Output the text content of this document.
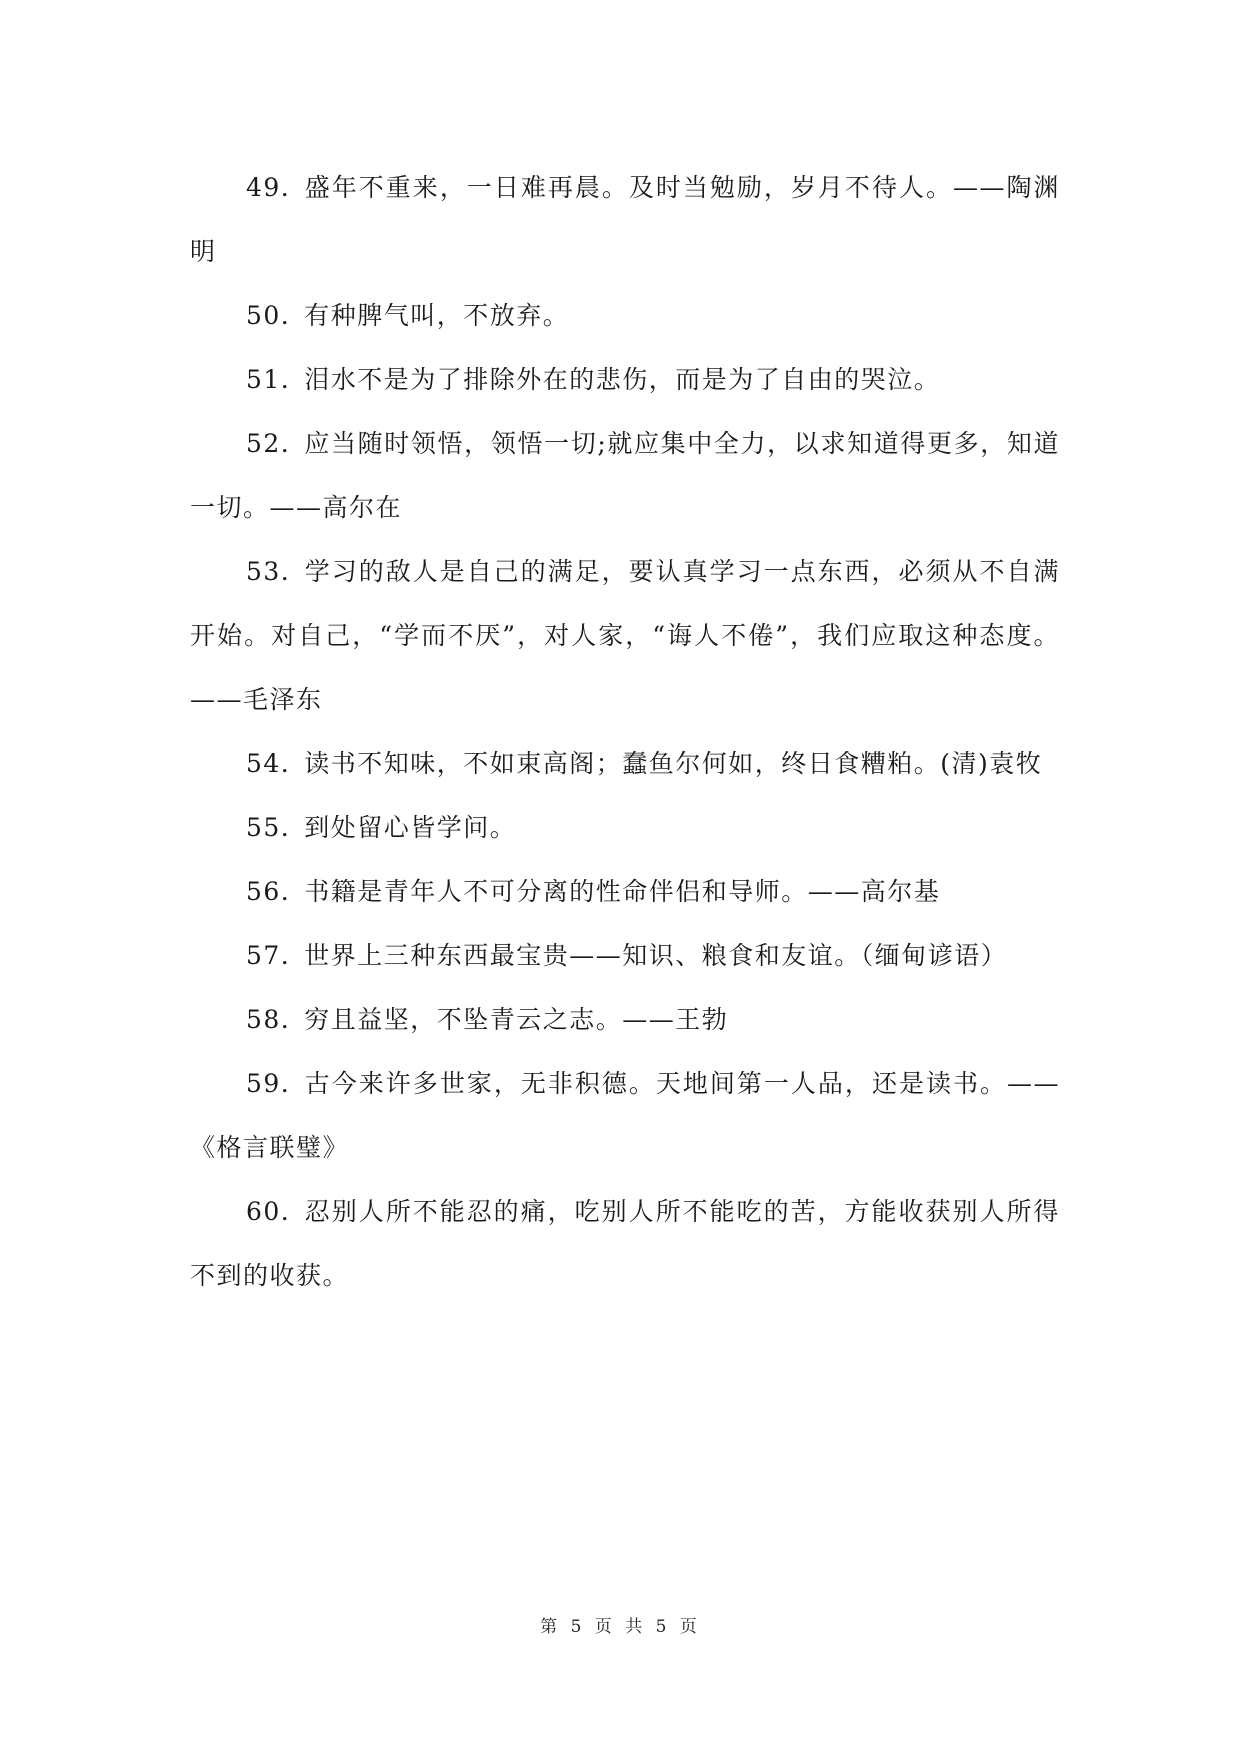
49. 盛年不重来，一日难再晨。及时当勉励，岁月不待人。——陶渊明

50. 有种脾气叫，不放弃。

51. 泪水不是为了排除外在的悲伤，而是为了自由的哭泣。

52. 应当随时领悟，领悟一切;就应集中全力，以求知道得更多，知道一切。——高尔在

53. 学习的敌人是自己的满足，要认真学习一点东西，必须从不自满开始。对自己，“学而不厌”，对人家，“诲人不倦”，我们应取这种态度。——毛泽东

54. 读书不知味，不如束高阁；蠢鱼尔何如，终日食糟粕。(清)袁牧

55. 到处留心皆学问。

56. 书籍是青年人不可分离的性命伴侣和导师。——高尔基

57. 世界上三种东西最宝贵——知识、粮食和友谊。（缅甸谚语）

58. 穷且益坚，不坠青云之志。——王勃

59. 古今来许多世家，无非积德。天地间第一人品，还是读书。——《格言联璧》

60. 忍别人所不能忍的痛，吃别人所不能吃的苦，方能收获别人所得不到的收获。

第 5 页 共 5 页
